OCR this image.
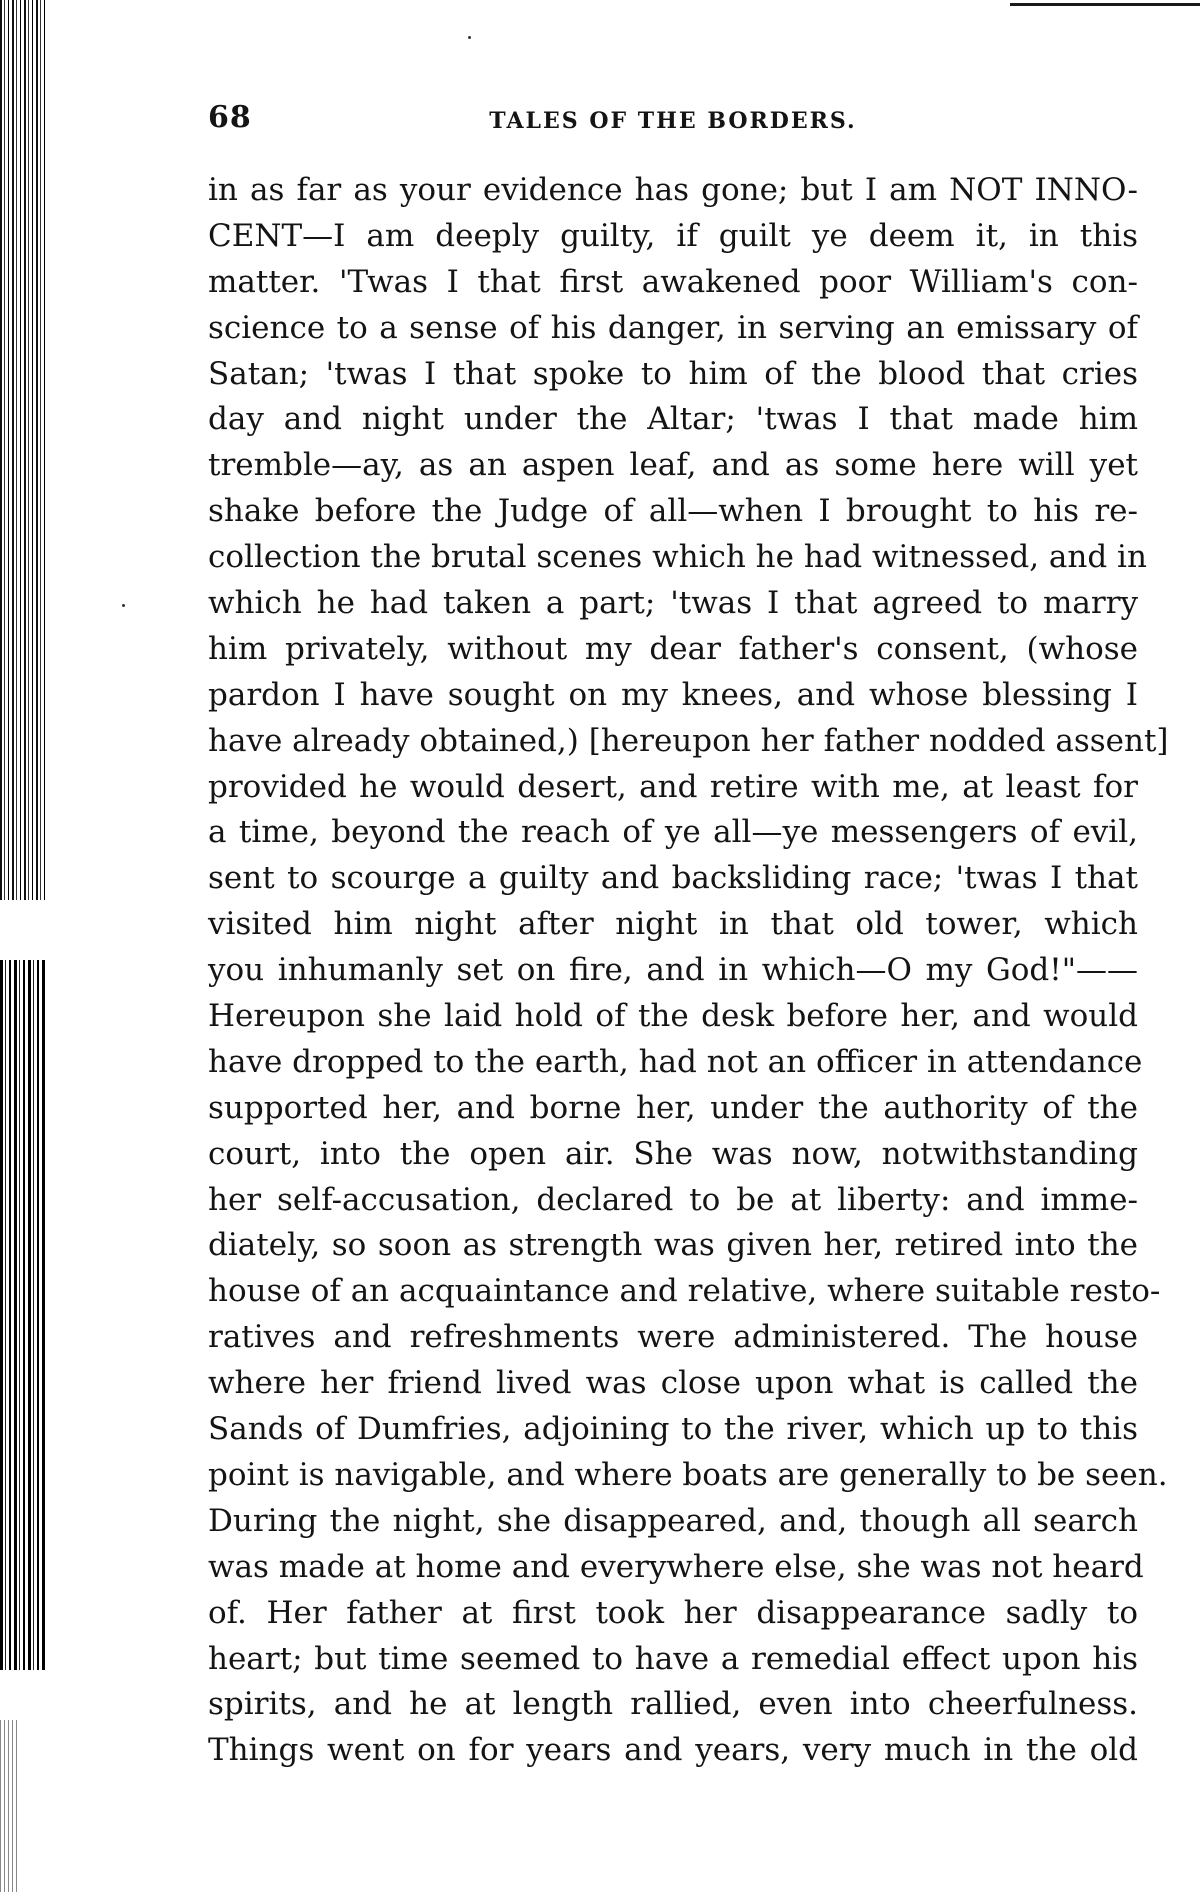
68	TALES OF THE BORDERS.
in as far as your evidence has gone; but I am NOT INNO-
CENT—I am deeply guilty, if guilt ye deem it, in this
matter. 'Twas I that first awakened poor William's con-
science to a sense of his danger, in serving an emissary of
Satan; 'twas I that spoke to him of the blood that cries
day and night under the Altar; 'twas I that made him
tremble—ay, as an aspen leaf, and as some here will yet
shake before the Judge of all—when I brought to his re-
collection the brutal scenes which he had witnessed, and in
which he had taken a part; 'twas I that agreed to marry
him privately, without my dear father's consent, (whose
pardon I have sought on my knees, and whose blessing I
have already obtained,) [hereupon her father nodded assent]
provided he would desert, and retire with me, at least for
a time, beyond the reach of ye all—ye messengers of evil,
sent to scourge a guilty and backsliding race; 'twas I that
visited him night after night in that old tower, which
you inhumanly set on fire, and in which—O my God!"——
Hereupon she laid hold of the desk before her, and would
have dropped to the earth, had not an officer in attendance
supported her, and borne her, under the authority of the
court, into the open air. She was now, notwithstanding
her self-accusation, declared to be at liberty: and imme-
diately, so soon as strength was given her, retired into the
house of an acquaintance and relative, where suitable resto-
ratives and refreshments were administered. The house
where her friend lived was close upon what is called the
Sands of Dumfries, adjoining to the river, which up to this
point is navigable, and where boats are generally to be seen.
During the night, she disappeared, and, though all search
was made at home and everywhere else, she was not heard
of. Her father at first took her disappearance sadly to
heart; but time seemed to have a remedial effect upon his
spirits, and he at length rallied, even into cheerfulness.
Things went on for years and years, very much in the old
